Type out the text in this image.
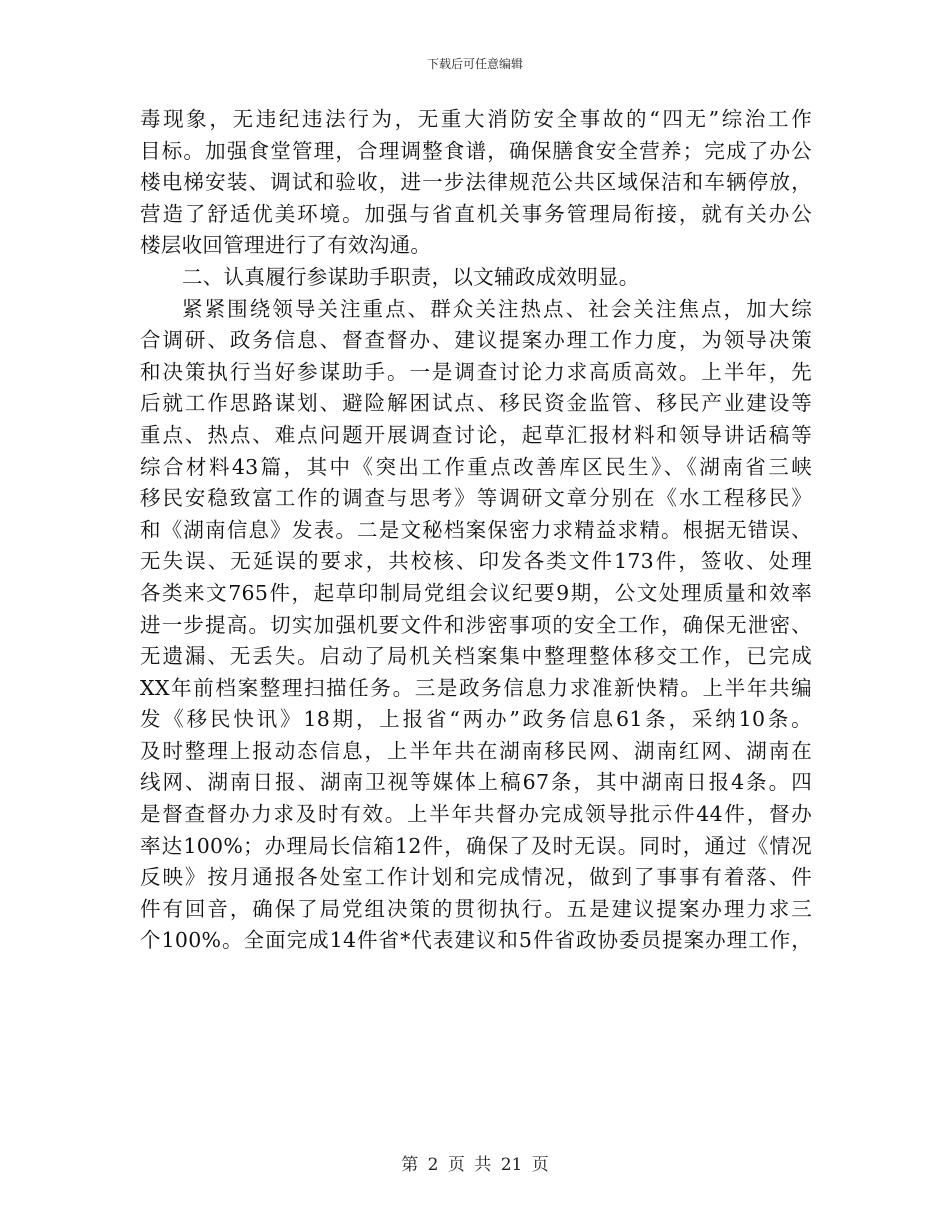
下载后可任意编辑
毒现象，无违纪违法行为，无重大消防安全事故的“四无”综治工作
目标。加强食堂管理，合理调整食谱，确保膳食安全营养；完成了办公
楼电梯安装、调试和验收，进一步法律规范公共区域保洁和车辆停放，
营造了舒适优美环境。加强与省直机关事务管理局衔接，就有关办公
楼层收回管理进行了有效沟通。
二、认真履行参谋助手职责，以文辅政成效明显。
紧紧围绕领导关注重点、群众关注热点、社会关注焦点，加大综
合调研、政务信息、督查督办、建议提案办理工作力度，为领导决策
和决策执行当好参谋助手。一是调查讨论力求高质高效。上半年，先
后就工作思路谋划、避险解困试点、移民资金监管、移民产业建设等
重点、热点、难点问题开展调查讨论，起草汇报材料和领导讲话稿等
综合材料43篇，其中《突出工作重点改善库区民生》、《湖南省三峡
移民安稳致富工作的调查与思考》等调研文章分别在《水工程移民》
和《湖南信息》发表。二是文秘档案保密力求精益求精。根据无错误、
无失误、无延误的要求，共校核、印发各类文件173件，签收、处理
各类来文765件，起草印制局党组会议纪要9期，公文处理质量和效率
进一步提高。切实加强机要文件和涉密事项的安全工作，确保无泄密、
无遗漏、无丢失。启动了局机关档案集中整理整体移交工作，已完成
XX年前档案整理扫描任务。三是政务信息力求准新快精。上半年共编
发《移民快讯》18期，上报省“两办”政务信息61条，采纳10条。
及时整理上报动态信息，上半年共在湖南移民网、湖南红网、湖南在
线网、湖南日报、湖南卫视等媒体上稿67条，其中湖南日报4条。四
是督查督办力求及时有效。上半年共督办完成领导批示件44件，督办
率达100%；办理局长信箱12件，确保了及时无误。同时，通过《情况
反映》按月通报各处室工作计划和完成情况，做到了事事有着落、件
件有回音，确保了局党组决策的贯彻执行。五是建议提案办理力求三
个100%。全面完成14件省*代表建议和5件省政协委员提案办理工作，
第 2 页 共 21 页
